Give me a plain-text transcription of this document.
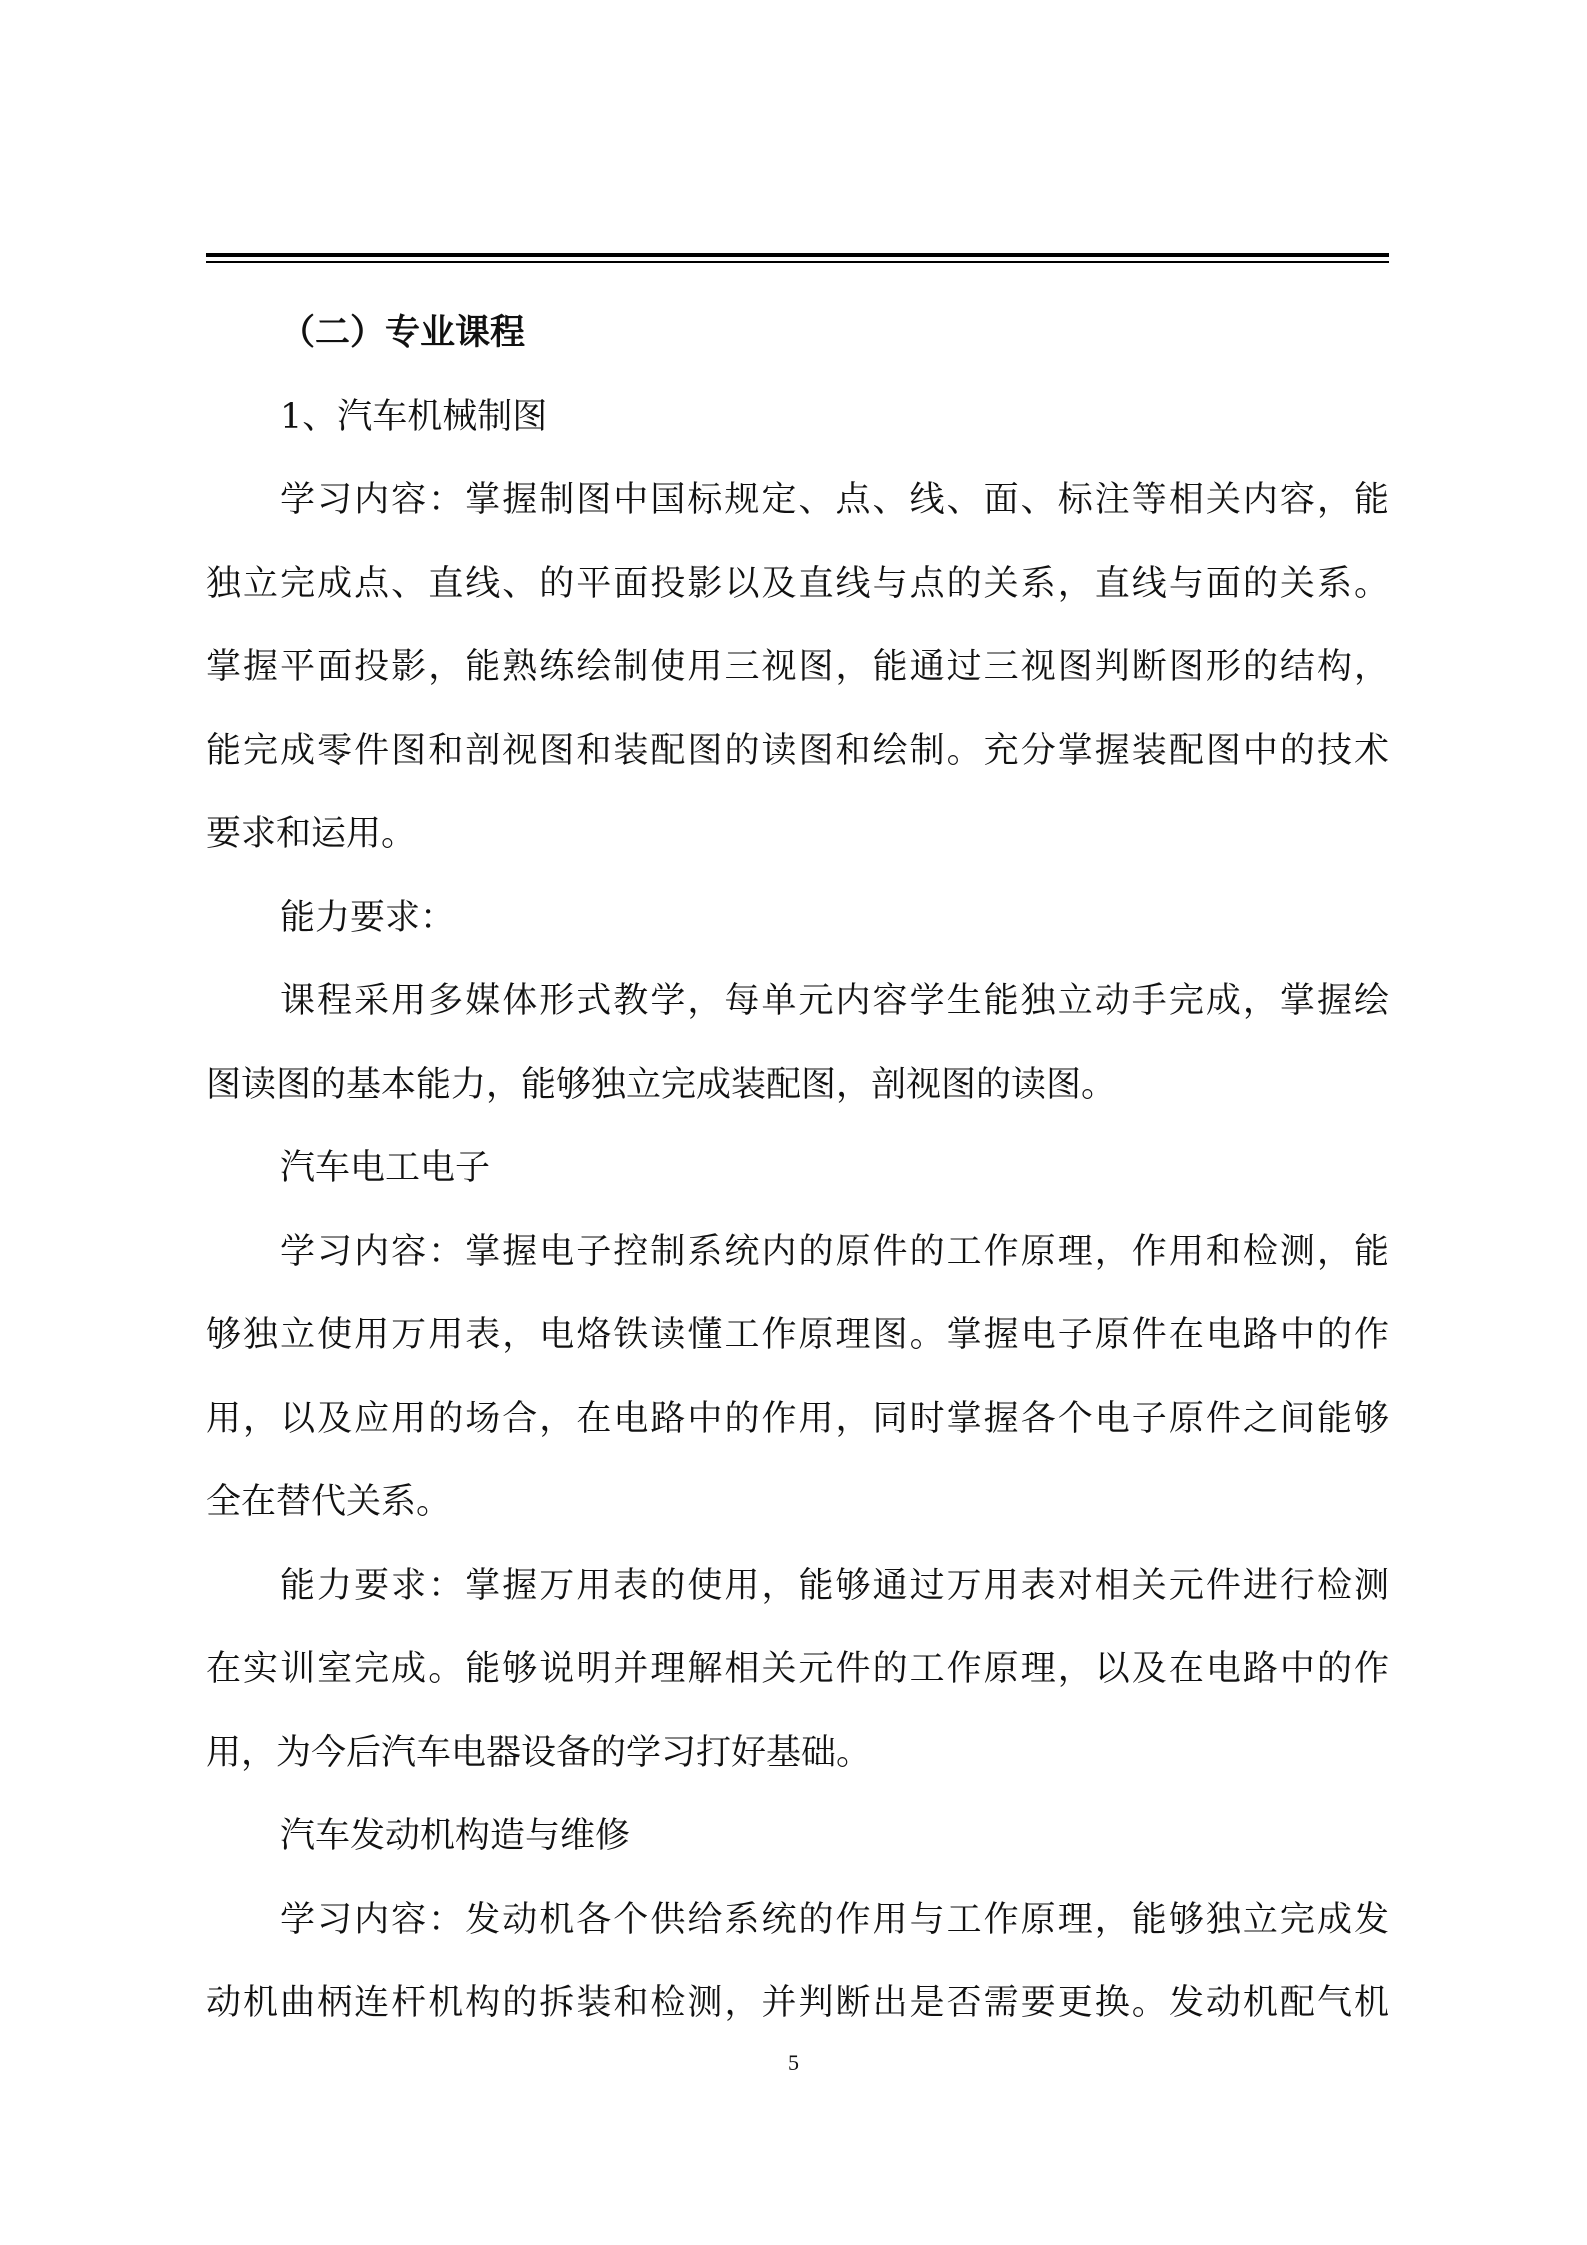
（二）专业课程
1、汽车机械制图
学习内容：掌握制图中国标规定、点、线、面、标注等相关内容，能
独立完成点、直线、的平面投影以及直线与点的关系，直线与面的关系。
掌握平面投影，能熟练绘制使用三视图，能通过三视图判断图形的结构，
能完成零件图和剖视图和装配图的读图和绘制。充分掌握装配图中的技术
要求和运用。
能力要求：
课程采用多媒体形式教学，每单元内容学生能独立动手完成，掌握绘
图读图的基本能力，能够独立完成装配图，剖视图的读图。
汽车电工电子
学习内容：掌握电子控制系统内的原件的工作原理，作用和检测，能
够独立使用万用表，电烙铁读懂工作原理图。掌握电子原件在电路中的作
用，以及应用的场合，在电路中的作用，同时掌握各个电子原件之间能够
全在替代关系。
能力要求：掌握万用表的使用，能够通过万用表对相关元件进行检测
在实训室完成。能够说明并理解相关元件的工作原理，以及在电路中的作
用，为今后汽车电器设备的学习打好基础。
汽车发动机构造与维修
学习内容：发动机各个供给系统的作用与工作原理，能够独立完成发
动机曲柄连杆机构的拆装和检测，并判断出是否需要更换。发动机配气机
5
